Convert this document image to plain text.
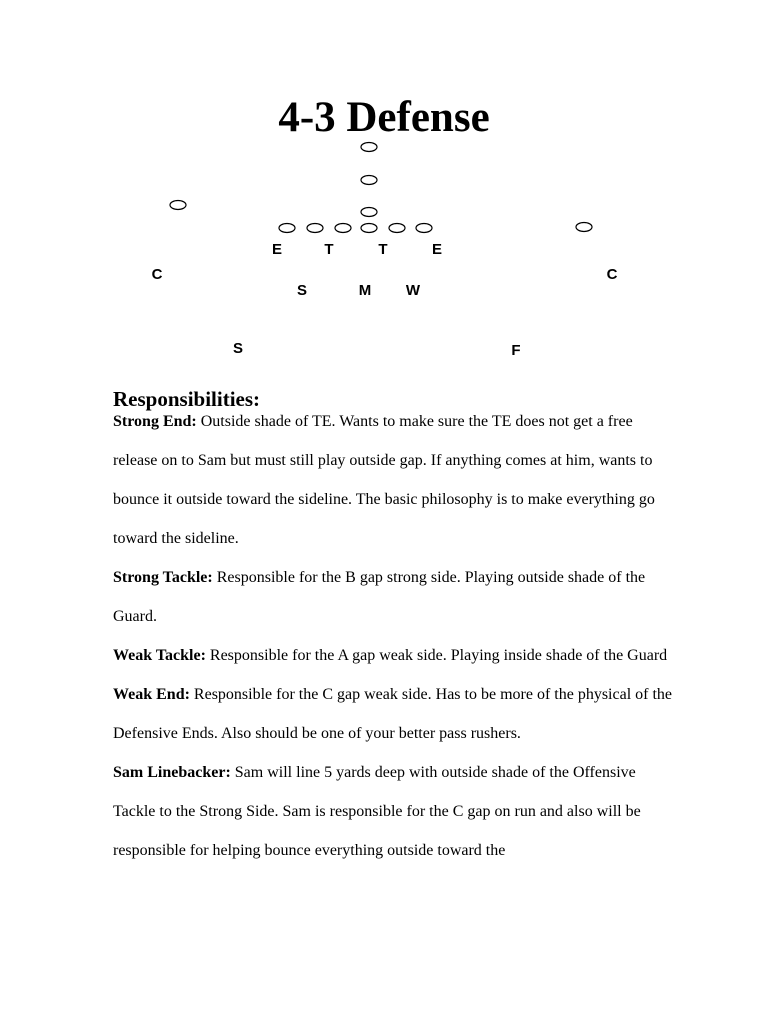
4-3 Defense
E	T	T	E
C	C
S	M W
S	F
Responsibilities:

Strong End: Outside shade of TE. Wants to make sure the TE does not get a free release on to Sam but must still play outside gap. If anything comes at him, wants to bounce it outside toward the sideline. The basic philosophy is to make everything go toward the sideline.

Strong Tackle: Responsible for the B gap strong side. Playing outside shade of the Guard.

Weak Tackle: Responsible for the A gap weak side. Playing inside shade of the Guard

Weak End: Responsible for the C gap weak side. Has to be more of the physical of the Defensive Ends. Also should be one of your better pass rushers.

Sam Linebacker: Sam will line 5 yards deep with outside shade of the Offensive Tackle to the Strong Side. Sam is responsible for the C gap on run and also will be responsible for helping bounce everything outside toward the
